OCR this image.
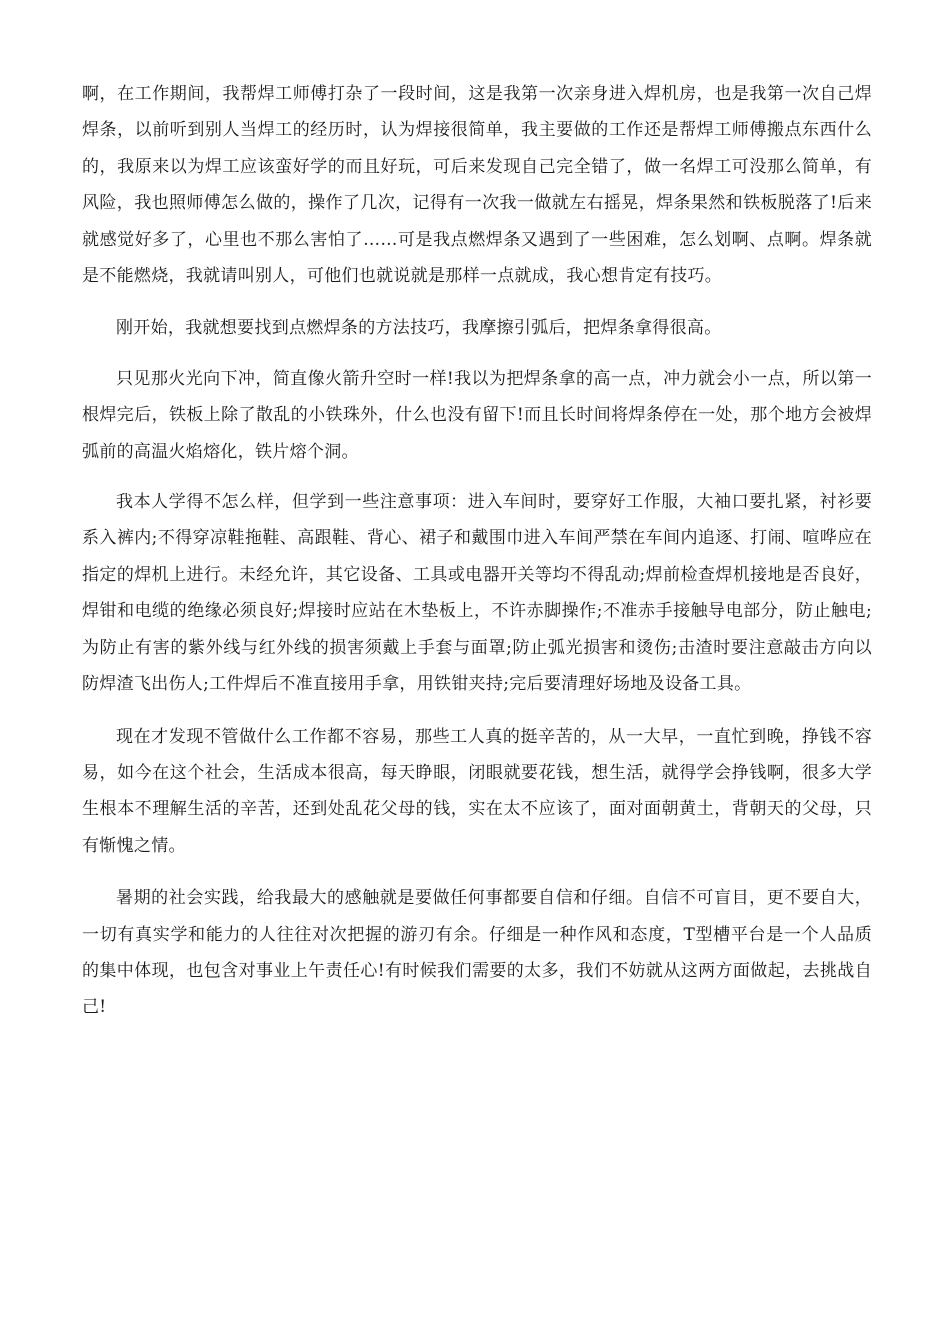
啊，在工作期间，我帮焊工师傅打杂了一段时间，这是我第一次亲身进入焊机房，也是我第一次自己焊焊条，以前听到别人当焊工的经历时，认为焊接很简单，我主要做的工作还是帮焊工师傅搬点东西什么的，我原来以为焊工应该蛮好学的而且好玩，可后来发现自己完全错了，做一名焊工可没那么简单，有风险，我也照师傅怎么做的，操作了几次，记得有一次我一做就左右摇晃，焊条果然和铁板脱落了!后来就感觉好多了，心里也不那么害怕了……可是我点燃焊条又遇到了一些困难，怎么划啊、点啊。焊条就是不能燃烧，我就请叫别人，可他们也就说就是那样一点就成，我心想肯定有技巧。

刚开始，我就想要找到点燃焊条的方法技巧，我摩擦引弧后，把焊条拿得很高。

只见那火光向下冲，简直像火箭升空时一样!我以为把焊条拿的高一点，冲力就会小一点，所以第一根焊完后，铁板上除了散乱的小铁珠外，什么也没有留下!而且长时间将焊条停在一处，那个地方会被焊弧前的高温火焰熔化，铁片熔个洞。

我本人学得不怎么样，但学到一些注意事项：进入车间时，要穿好工作服，大袖口要扎紧，衬衫要系入裤内;不得穿凉鞋拖鞋、高跟鞋、背心、裙子和戴围巾进入车间严禁在车间内追逐、打闹、喧哗应在指定的焊机上进行。未经允许，其它设备、工具或电器开关等均不得乱动;焊前检查焊机接地是否良好，焊钳和电缆的绝缘必须良好;焊接时应站在木垫板上，不许赤脚操作;不准赤手接触导电部分，防止触电;为防止有害的紫外线与红外线的损害须戴上手套与面罩;防止弧光损害和烫伤;击渣时要注意敲击方向以防焊渣飞出伤人;工件焊后不准直接用手拿，用铁钳夹持;完后要清理好场地及设备工具。

现在才发现不管做什么工作都不容易，那些工人真的挺辛苦的，从一大早，一直忙到晚，挣钱不容易，如今在这个社会，生活成本很高，每天睁眼，闭眼就要花钱，想生活，就得学会挣钱啊，很多大学生根本不理解生活的辛苦，还到处乱花父母的钱，实在太不应该了，面对面朝黄土，背朝天的父母，只有惭愧之情。

暑期的社会实践，给我最大的感触就是要做任何事都要自信和仔细。自信不可盲目，更不要自大，一切有真实学和能力的人往往对次把握的游刃有余。仔细是一种作风和态度，T型槽平台是一个人品质的集中体现，也包含对事业上午责任心!有时候我们需要的太多，我们不妨就从这两方面做起，去挑战自己!
